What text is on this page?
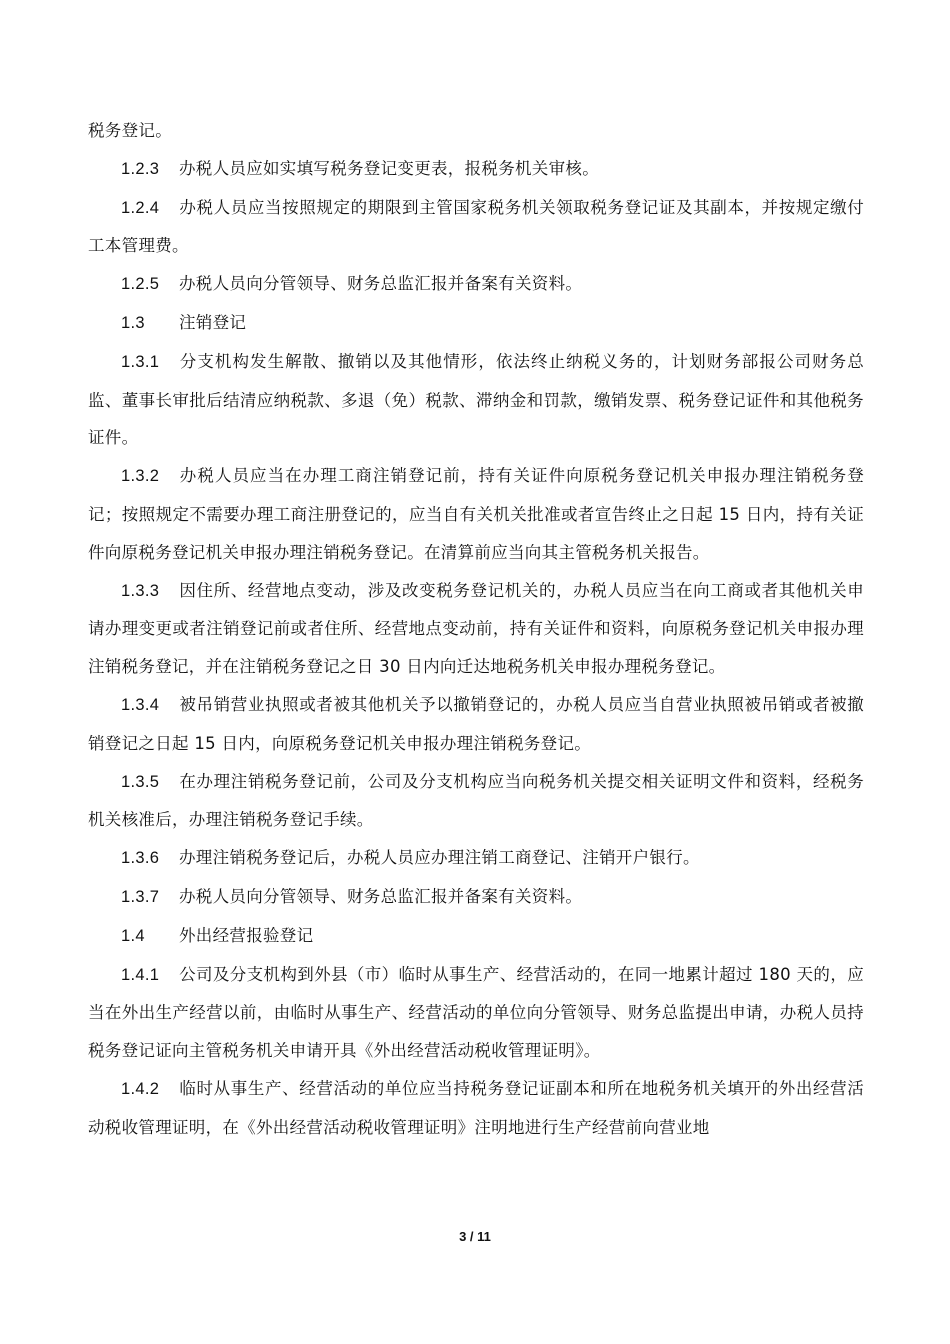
税务登记。

1.2.3 办税人员应如实填写税务登记变更表，报税务机关审核。

1.2.4 办税人员应当按照规定的期限到主管国家税务机关领取税务登记证及其副本，并按规定缴付工本管理费。

1.2.5 办税人员向分管领导、财务总监汇报并备案有关资料。

1.3 注销登记

1.3.1 分支机构发生解散、撤销以及其他情形，依法终止纳税义务的，计划财务部报公司财务总监、董事长审批后结清应纳税款、多退（免）税款、滞纳金和罚款，缴销发票、税务登记证件和其他税务证件。

1.3.2 办税人员应当在办理工商注销登记前，持有关证件向原税务登记机关申报办理注销税务登记；按照规定不需要办理工商注册登记的，应当自有关机关批准或者宣告终止之日起 15 日内，持有关证件向原税务登记机关申报办理注销税务登记。在清算前应当向其主管税务机关报告。

1.3.3 因住所、经营地点变动，涉及改变税务登记机关的，办税人员应当在向工商或者其他机关申请办理变更或者注销登记前或者住所、经营地点变动前，持有关证件和资料，向原税务登记机关申报办理注销税务登记，并在注销税务登记之日 30 日内向迁达地税务机关申报办理税务登记。

1.3.4 被吊销营业执照或者被其他机关予以撤销登记的，办税人员应当自营业执照被吊销或者被撤销登记之日起 15 日内，向原税务登记机关申报办理注销税务登记。

1.3.5 在办理注销税务登记前，公司及分支机构应当向税务机关提交相关证明文件和资料，经税务机关核准后，办理注销税务登记手续。

1.3.6 办理注销税务登记后，办税人员应办理注销工商登记、注销开户银行。

1.3.7 办税人员向分管领导、财务总监汇报并备案有关资料。

1.4 外出经营报验登记

1.4.1 公司及分支机构到外县（市）临时从事生产、经营活动的，在同一地累计超过 180 天的，应当在外出生产经营以前，由临时从事生产、经营活动的单位向分管领导、财务总监提出申请，办税人员持税务登记证向主管税务机关申请开具《外出经营活动税收管理证明》。

1.4.2 临时从事生产、经营活动的单位应当持税务登记证副本和所在地税务机关填开的外出经营活动税收管理证明，在《外出经营活动税收管理证明》注明地进行生产经营前向营业地

3 / 11
